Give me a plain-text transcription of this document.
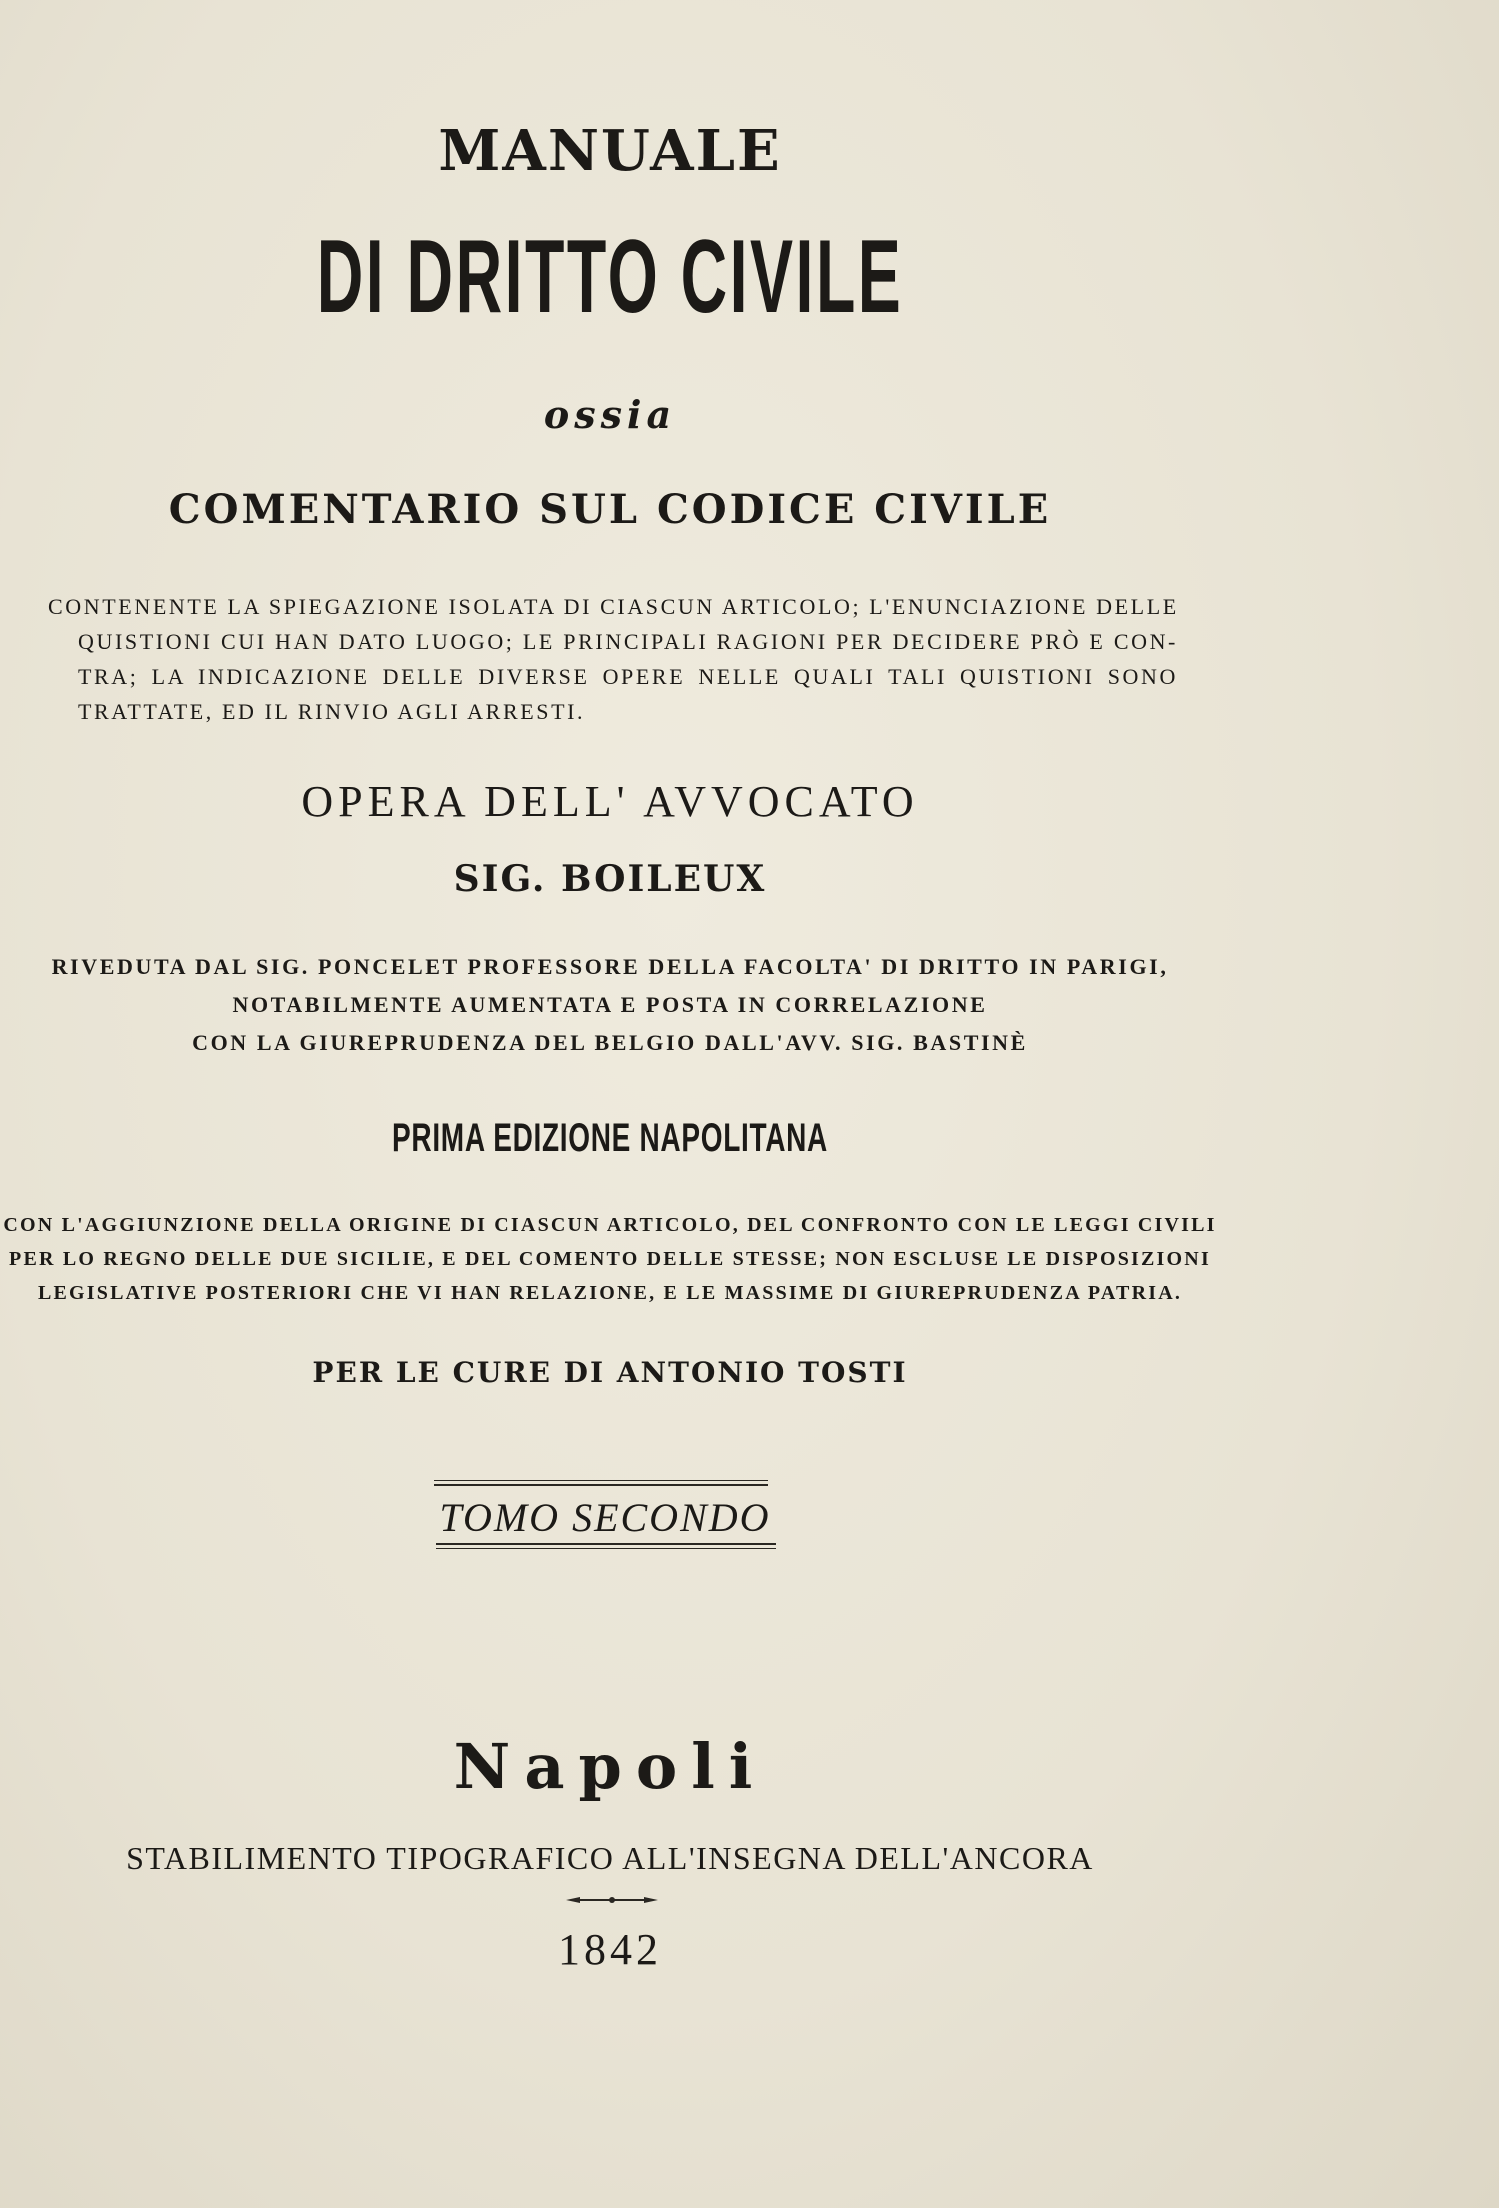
MANUALE
DI DRITTO CIVILE
ossia
COMENTARIO SUL CODICE CIVILE
CONTENENTE LA SPIEGAZIONE ISOLATA DI CIASCUN ARTICOLO; L'ENUNCIAZIONE DELLE
QUISTIONI CUI HAN DATO LUOGO; LE PRINCIPALI RAGIONI PER DECIDERE PRÒ E CON-
TRA; LA INDICAZIONE DELLE DIVERSE OPERE NELLE QUALI TALI QUISTIONI SONO
TRATTATE, ED IL RINVIO AGLI ARRESTI.
OPERA DELL' AVVOCATO
SIG. BOILEUX
RIVEDUTA DAL SIG. PONCELET PROFESSORE DELLA FACOLTA' DI DRITTO IN PARIGI,
NOTABILMENTE AUMENTATA E POSTA IN CORRELAZIONE
CON LA GIUREPRUDENZA DEL BELGIO DALL'AVV. SIG. BASTINÈ
PRIMA EDIZIONE NAPOLITANA
CON L'AGGIUNZIONE DELLA ORIGINE DI CIASCUN ARTICOLO, DEL CONFRONTO CON LE LEGGI CIVILI
PER LO REGNO DELLE DUE SICILIE, E DEL COMENTO DELLE STESSE; NON ESCLUSE LE DISPOSIZIONI
LEGISLATIVE POSTERIORI CHE VI HAN RELAZIONE, E LE MASSIME DI GIUREPRUDENZA PATRIA.
PER LE CURE DI ANTONIO TOSTI
TOMO SECONDO
Napoli
STABILIMENTO TIPOGRAFICO ALL'INSEGNA DELL'ANCORA
1842
